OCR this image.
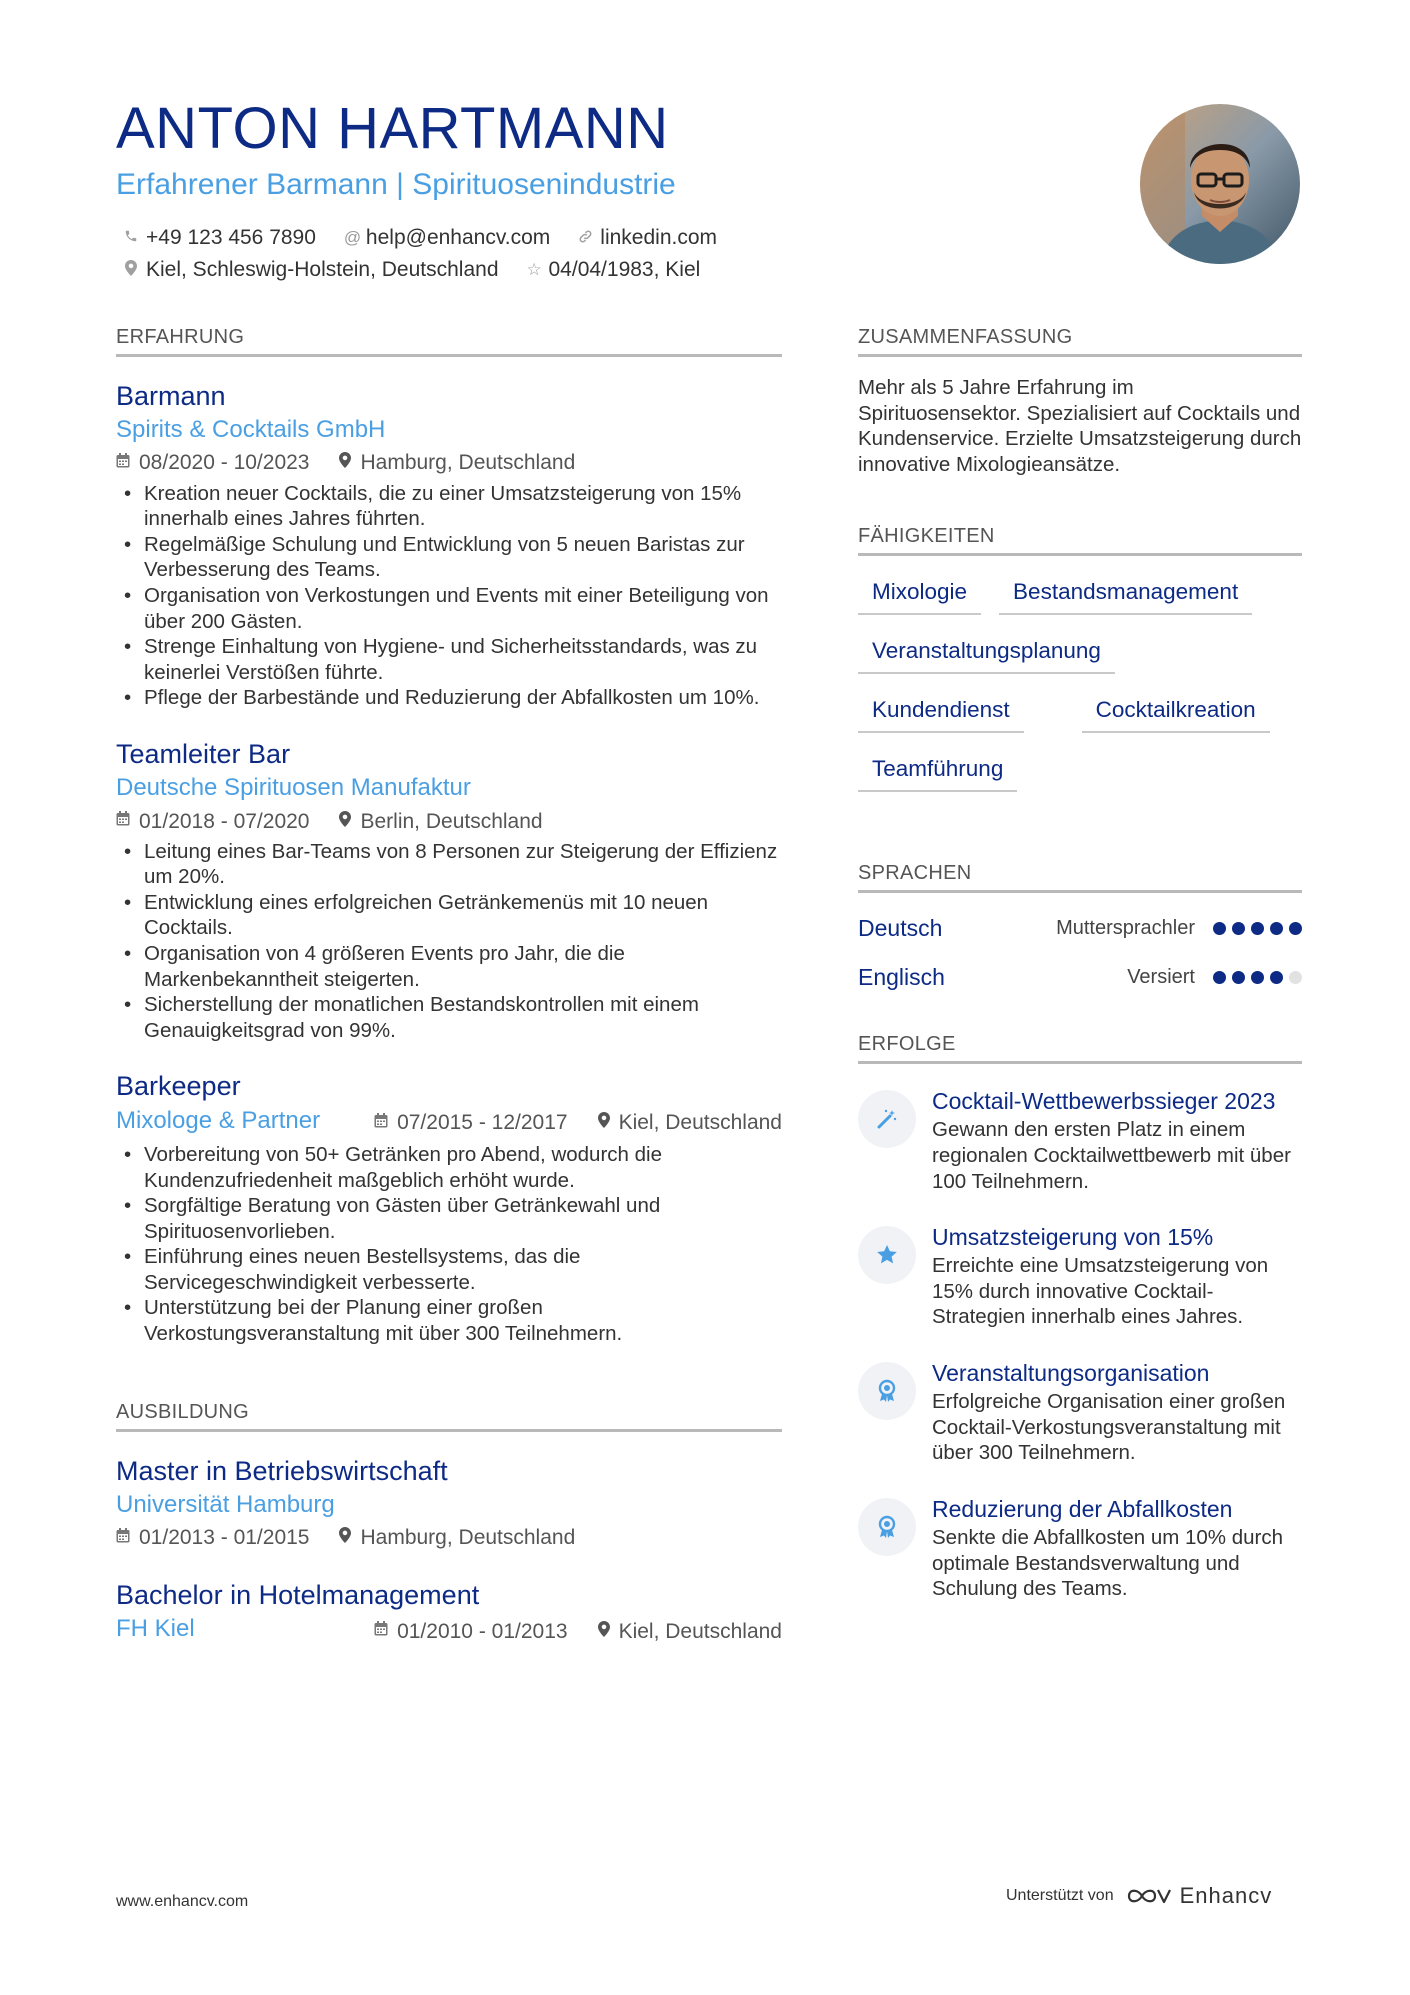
ANTON HARTMANN
Erfahrener Barmann | Spirituosenindustrie
+49 123 456 7890 @ help@enhancv.com linkedin.com
Kiel, Schleswig-Holstein, Deutschland ☆ 04/04/1983, Kiel
ERFAHRUNG
Barmann
Spirits & Cocktails GmbH
08/2020 - 10/2023 Hamburg, Deutschland
• Kreation neuer Cocktails, die zu einer Umsatzsteigerung von 15% innerhalb eines Jahres führten.
• Regelmäßige Schulung und Entwicklung von 5 neuen Baristas zur Verbesserung des Teams.
• Organisation von Verkostungen und Events mit einer Beteiligung von über 200 Gästen.
• Strenge Einhaltung von Hygiene- und Sicherheitsstandards, was zu keinerlei Verstößen führte.
• Pflege der Barbestände und Reduzierung der Abfallkosten um 10%.
Teamleiter Bar
Deutsche Spirituosen Manufaktur
01/2018 - 07/2020 Berlin, Deutschland
• Leitung eines Bar-Teams von 8 Personen zur Steigerung der Effizienz um 20%.
• Entwicklung eines erfolgreichen Getränkemenüs mit 10 neuen Cocktails.
• Organisation von 4 größeren Events pro Jahr, die die Markenbekanntheit steigerten.
• Sicherstellung der monatlichen Bestandskontrollen mit einem Genauigkeitsgrad von 99%.
Barkeeper
Mixologe & Partner	07/2015 - 12/2017 Kiel, Deutschland
• Vorbereitung von 50+ Getränken pro Abend, wodurch die Kundenzufriedenheit maßgeblich erhöht wurde.
• Sorgfältige Beratung von Gästen über Getränkewahl und Spirituosenvorlieben.
• Einführung eines neuen Bestellsystems, das die Servicegeschwindigkeit verbesserte.
• Unterstützung bei der Planung einer großen Verkostungsveranstaltung mit über 300 Teilnehmern.
AUSBILDUNG
Master in Betriebswirtschaft
Universität Hamburg
01/2013 - 01/2015 Hamburg, Deutschland
Bachelor in Hotelmanagement
FH Kiel	01/2010 - 01/2013 Kiel, Deutschland
ZUSAMMENFASSUNG
Mehr als 5 Jahre Erfahrung im Spirituosensektor. Spezialisiert auf Cocktails und Kundenservice. Erzielte Umsatzsteigerung durch innovative Mixologieansätze.
FÄHIGKEITEN
Mixologie	Bestandsmanagement
Veranstaltungsplanung
Kundendienst	Cocktailkreation
Teamführung
SPRACHEN
Deutsch	Muttersprachler
Englisch	Versiert
ERFOLGE
Cocktail-Wettbewerbssieger 2023
Gewann den ersten Platz in einem regionalen Cocktailwettbewerb mit über 100 Teilnehmern.
Umsatzsteigerung von 15%
Erreichte eine Umsatzsteigerung von 15% durch innovative Cocktail-Strategien innerhalb eines Jahres.
Veranstaltungsorganisation
Erfolgreiche Organisation einer großen Cocktail-Verkostungsveranstaltung mit über 300 Teilnehmern.
Reduzierung der Abfallkosten
Senkte die Abfallkosten um 10% durch optimale Bestandsverwaltung und Schulung des Teams.
www.enhancv.com	Unterstützt von	Enhancv
